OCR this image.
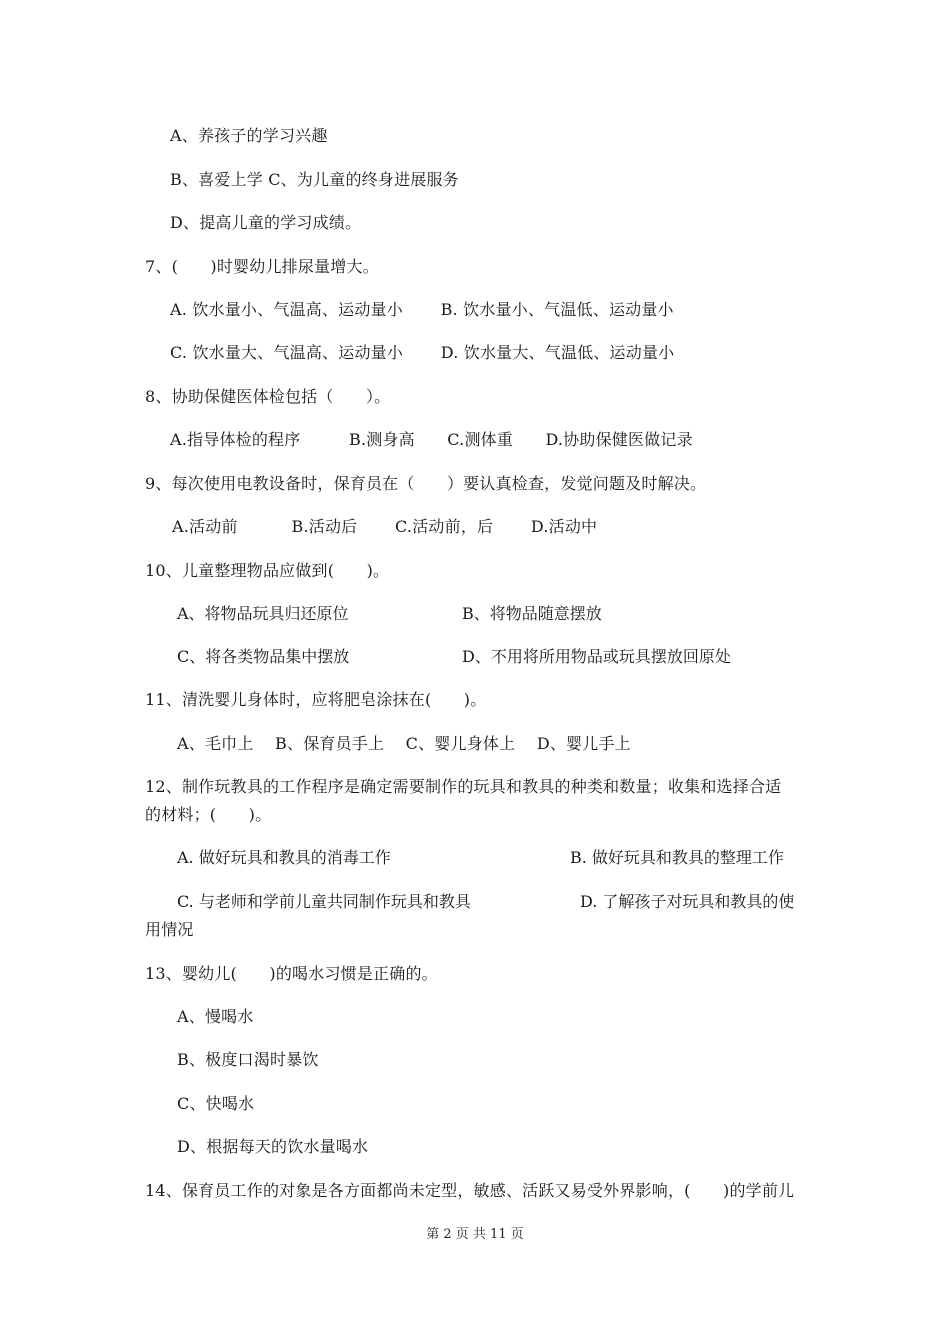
A、养孩子的学习兴趣
B、喜爱上学 C、为儿童的终身进展服务
D、提高儿童的学习成绩。
7、(　　)时婴幼儿排尿量增大。
A. 饮水量小、气温高、运动量小　　 B. 饮水量小、气温低、运动量小
C. 饮水量大、气温高、运动量小　　 D. 饮水量大、气温低、运动量小
8、协助保健医体检包括（　　）。
A.指导体检的程序　　　B.测身高　　C.测体重　　D.协助保健医做记录
9、每次使用电教设备时，保育员在（　　）要认真检查，发觉问题及时解决。
A.活动前　　　 B.活动后　　 C.活动前，后　　 D.活动中
10、儿童整理物品应做到(　　)。
A、将物品玩具归还原位	B、将物品随意摆放
C、将各类物品集中摆放	D、不用将所用物品或玩具摆放回原处
11、清洗婴儿身体时，应将肥皂涂抹在(　　)。
A、毛巾上　 B、保育员手上　 C、婴儿身体上　 D、婴儿手上
12、制作玩教具的工作程序是确定需要制作的玩具和教具的种类和数量；收集和选择合适
的材料；(　　)。
A. 做好玩具和教具的消毒工作	B. 做好玩具和教具的整理工作
C. 与老师和学前儿童共同制作玩具和教具	D. 了解孩子对玩具和教具的使
用情况
13、婴幼儿(　　)的喝水习惯是正确的。
A、慢喝水
B、极度口渴时暴饮
C、快喝水
D、根据每天的饮水量喝水
14、保育员工作的对象是各方面都尚未定型，敏感、活跃又易受外界影响，(　　)的学前儿
第 2 页 共 11 页
